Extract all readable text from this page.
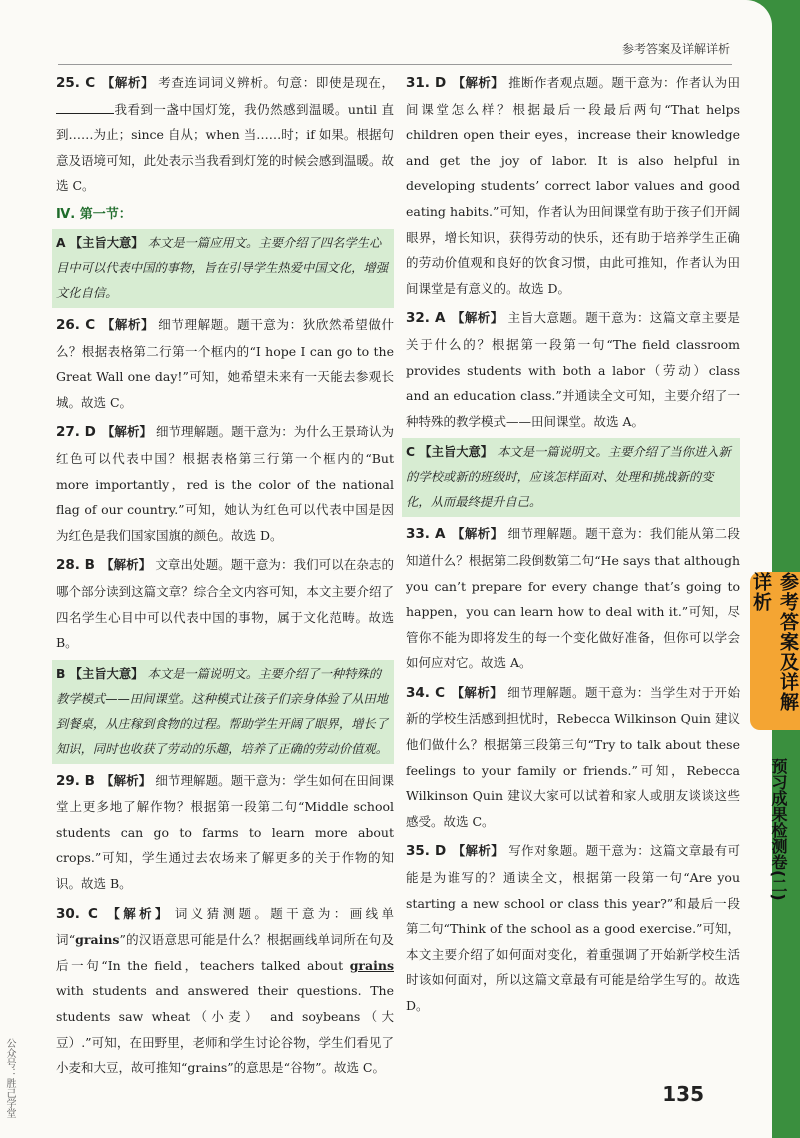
参考答案及详解详析

25. C 【解析】 考查连词词义辨析。句意：即使是现在，我看到一盏中国灯笼，我仍然感到温暖。until 直到……为止；since 自从；when 当……时；if 如果。根据句意及语境可知，此处表示当我看到灯笼的时候会感到温暖。故选 C。

Ⅳ. 第一节：
A 【主旨大意】 本文是一篇应用文。主要介绍了四名学生心目中可以代表中国的事物，旨在引导学生热爱中国文化，增强文化自信。

26. C 【解析】 细节理解题。题干意为：狄欣然希望做什么？根据表格第二行第一个框内的“I hope I can go to the Great Wall one day!”可知，她希望未来有一天能去参观长城。故选 C。

27. D 【解析】 细节理解题。题干意为：为什么王景琦认为红色可以代表中国？根据表格第三行第一个框内的“But more importantly，red is the color of the national flag of our country.”可知，她认为红色可以代表中国是因为红色是我们国家国旗的颜色。故选 D。

28. B 【解析】 文章出处题。题干意为：我们可以在杂志的哪个部分读到这篇文章？综合全文内容可知，本文主要介绍了四名学生心目中可以代表中国的事物，属于文化范畴。故选 B。

B 【主旨大意】 本文是一篇说明文。主要介绍了一种特殊的教学模式——田间课堂。这种模式让孩子们亲身体验了从田地到餐桌，从庄稼到食物的过程。帮助学生开阔了眼界，增长了知识，同时也收获了劳动的乐趣，培养了正确的劳动价值观。

29. B 【解析】 细节理解题。题干意为：学生如何在田间课堂上更多地了解作物？根据第一段第二句“Middle school students can go to farms to learn more about crops.”可知，学生通过去农场来了解更多的关于作物的知识。故选 B。

30. C 【解析】 词义猜测题。题干意为：画线单词“grains”的汉语意思可能是什么？根据画线单词所在句及后一句“In the field，teachers talked about grains with students and answered their questions. The students saw wheat（小麦） and soybeans（大豆）.”可知，在田野里，老师和学生讨论谷物，学生们看见了小麦和大豆，故可推知“grains”的意思是“谷物”。故选 C。

31. D 【解析】 推断作者观点题。题干意为：作者认为田间课堂怎么样？根据最后一段最后两句“That helps children open their eyes，increase their knowledge and get the joy of labor. It is also helpful in developing students’ correct labor values and good eating habits.”可知，作者认为田间课堂有助于孩子们开阔眼界，增长知识，获得劳动的快乐，还有助于培养学生正确的劳动价值观和良好的饮食习惯，由此可推知，作者认为田间课堂是有意义的。故选 D。

32. A 【解析】 主旨大意题。题干意为：这篇文章主要是关于什么的？根据第一段第一句“The field classroom provides students with both a labor（劳动）class and an education class.”并通读全文可知，主要介绍了一种特殊的教学模式——田间课堂。故选 A。

C 【主旨大意】 本文是一篇说明文。主要介绍了当你进入新的学校或新的班级时，应该怎样面对、处理和挑战新的变化，从而最终提升自己。

33. A 【解析】 细节理解题。题干意为：我们能从第二段知道什么？根据第二段倒数第二句“He says that although you can’t prepare for every change that’s going to happen，you can learn how to deal with it.”可知，尽管你不能为即将发生的每一个变化做好准备，但你可以学会如何应对它。故选 A。

34. C 【解析】 细节理解题。题干意为：当学生对于开始新的学校生活感到担忧时，Rebecca Wilkinson Quin 建议他们做什么？根据第三段第三句“Try to talk about these feelings to your family or friends.”可知，Rebecca Wilkinson Quin 建议大家可以试着和家人或朋友谈谈这些感受。故选 C。

35. D 【解析】 写作对象题。题干意为：这篇文章最有可能是为谁写的？通读全文，根据第一段第一句“Are you starting a new school or class this year?”和最后一段第二句“Think of the school as a good exercise.”可知，本文主要介绍了如何面对变化，着重强调了开始新学校生活时该如何面对，所以这篇文章最有可能是给学生写的。故选 D。

135
公众号：胜己学堂
参考答案及详解详析
预习成果检测卷(二)
